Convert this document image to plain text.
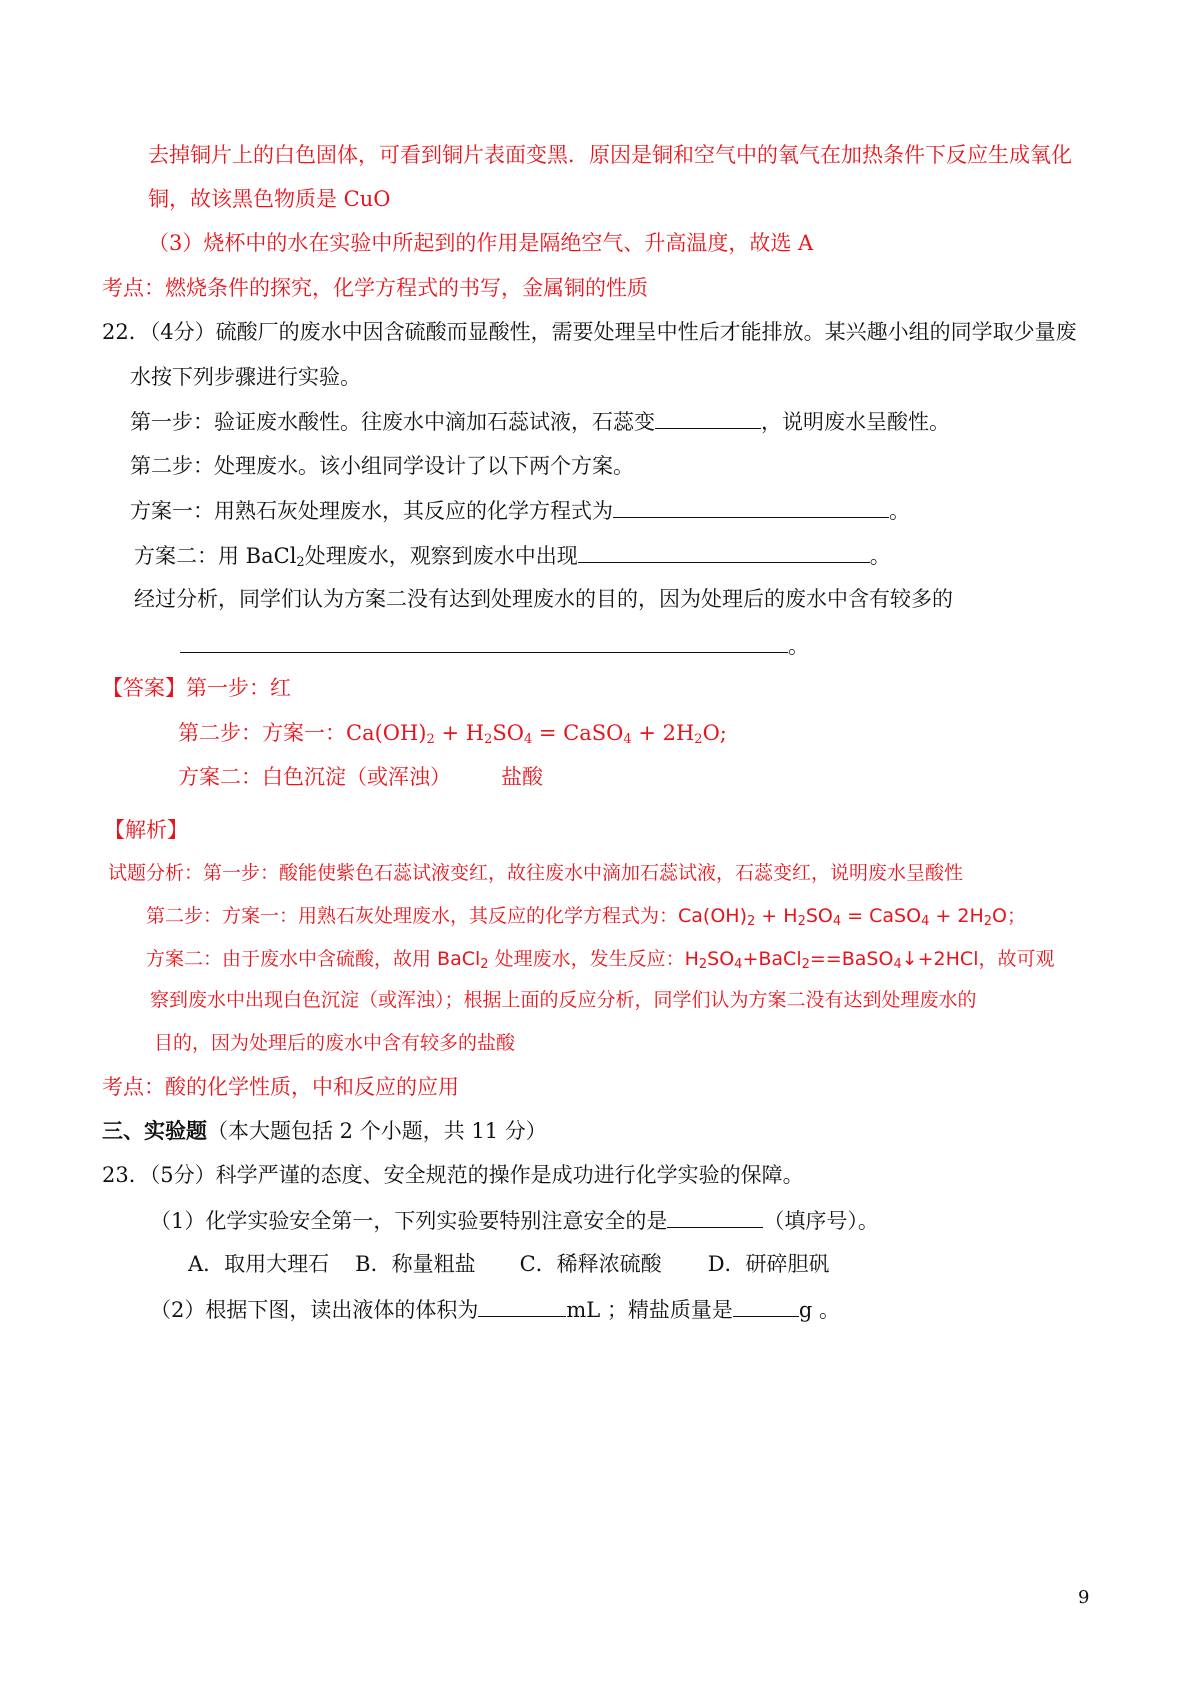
去掉铜片上的白色固体，可看到铜片表面变黑．原因是铜和空气中的氧气在加热条件下反应生成氧化
铜，故该黑色物质是 CuO
（3）烧杯中的水在实验中所起到的作用是隔绝空气、升高温度，故选 A
考点：燃烧条件的探究，化学方程式的书写，金属铜的性质
22．（4分）硫酸厂的废水中因含硫酸而显酸性，需要处理呈中性后才能排放。某兴趣小组的同学取少量废
水按下列步骤进行实验。
第一步：验证废水酸性。往废水中滴加石蕊试液，石蕊变	，说明废水呈酸性。
第二步：处理废水。该小组同学设计了以下两个方案。
方案一：用熟石灰处理废水，其反应的化学方程式为	。
方案二：用 BaCl$_2$处理废水，观察到废水中出现	。
经过分析，同学们认为方案二没有达到处理废水的目的，因为处理后的废水中含有较多的
。
【答案】第一步：红
第二步：方案一：$Ca(OH)_2 + H_2SO_4$ = CaSO$_4$ + $2H_2O$;
方案二：白色沉淀（或浑浊） 盐酸
【解析】
试题分析：第一步：酸能使紫色石蕊试液变红，故往废水中滴加石蕊试液，石蕊变红，说明废水呈酸性
第二步：方案一：用熟石灰处理废水，其反应的化学方程式为：$Ca(OH)_2 + H_2SO_4$ = CaSO$_4$ + $2H_2O$；
方案二：由于废水中含硫酸，故用 BaCl$_2$ 处理废水，发生反应：$H_2SO_4+BaCl_2==BaSO_4↓+2HCl$，故可观
察到废水中出现白色沉淀（或浑浊）；根据上面的反应分析，同学们认为方案二没有达到处理废水的
目的，因为处理后的废水中含有较多的盐酸
考点：酸的化学性质，中和反应的应用
三、实验题（本大题包括 2 个小题，共 11 分）
23．（5分）科学严谨的态度、安全规范的操作是成功进行化学实验的保障。
（1）化学实验安全第一，下列实验要特别注意安全的是	（填序号）。
A．取用大理石 B．称量粗盐 C．稀释浓硫酸 D．研碎胆矾
（2）根据下图，读出液体的体积为	mL ；精盐质量是	g 。
9
